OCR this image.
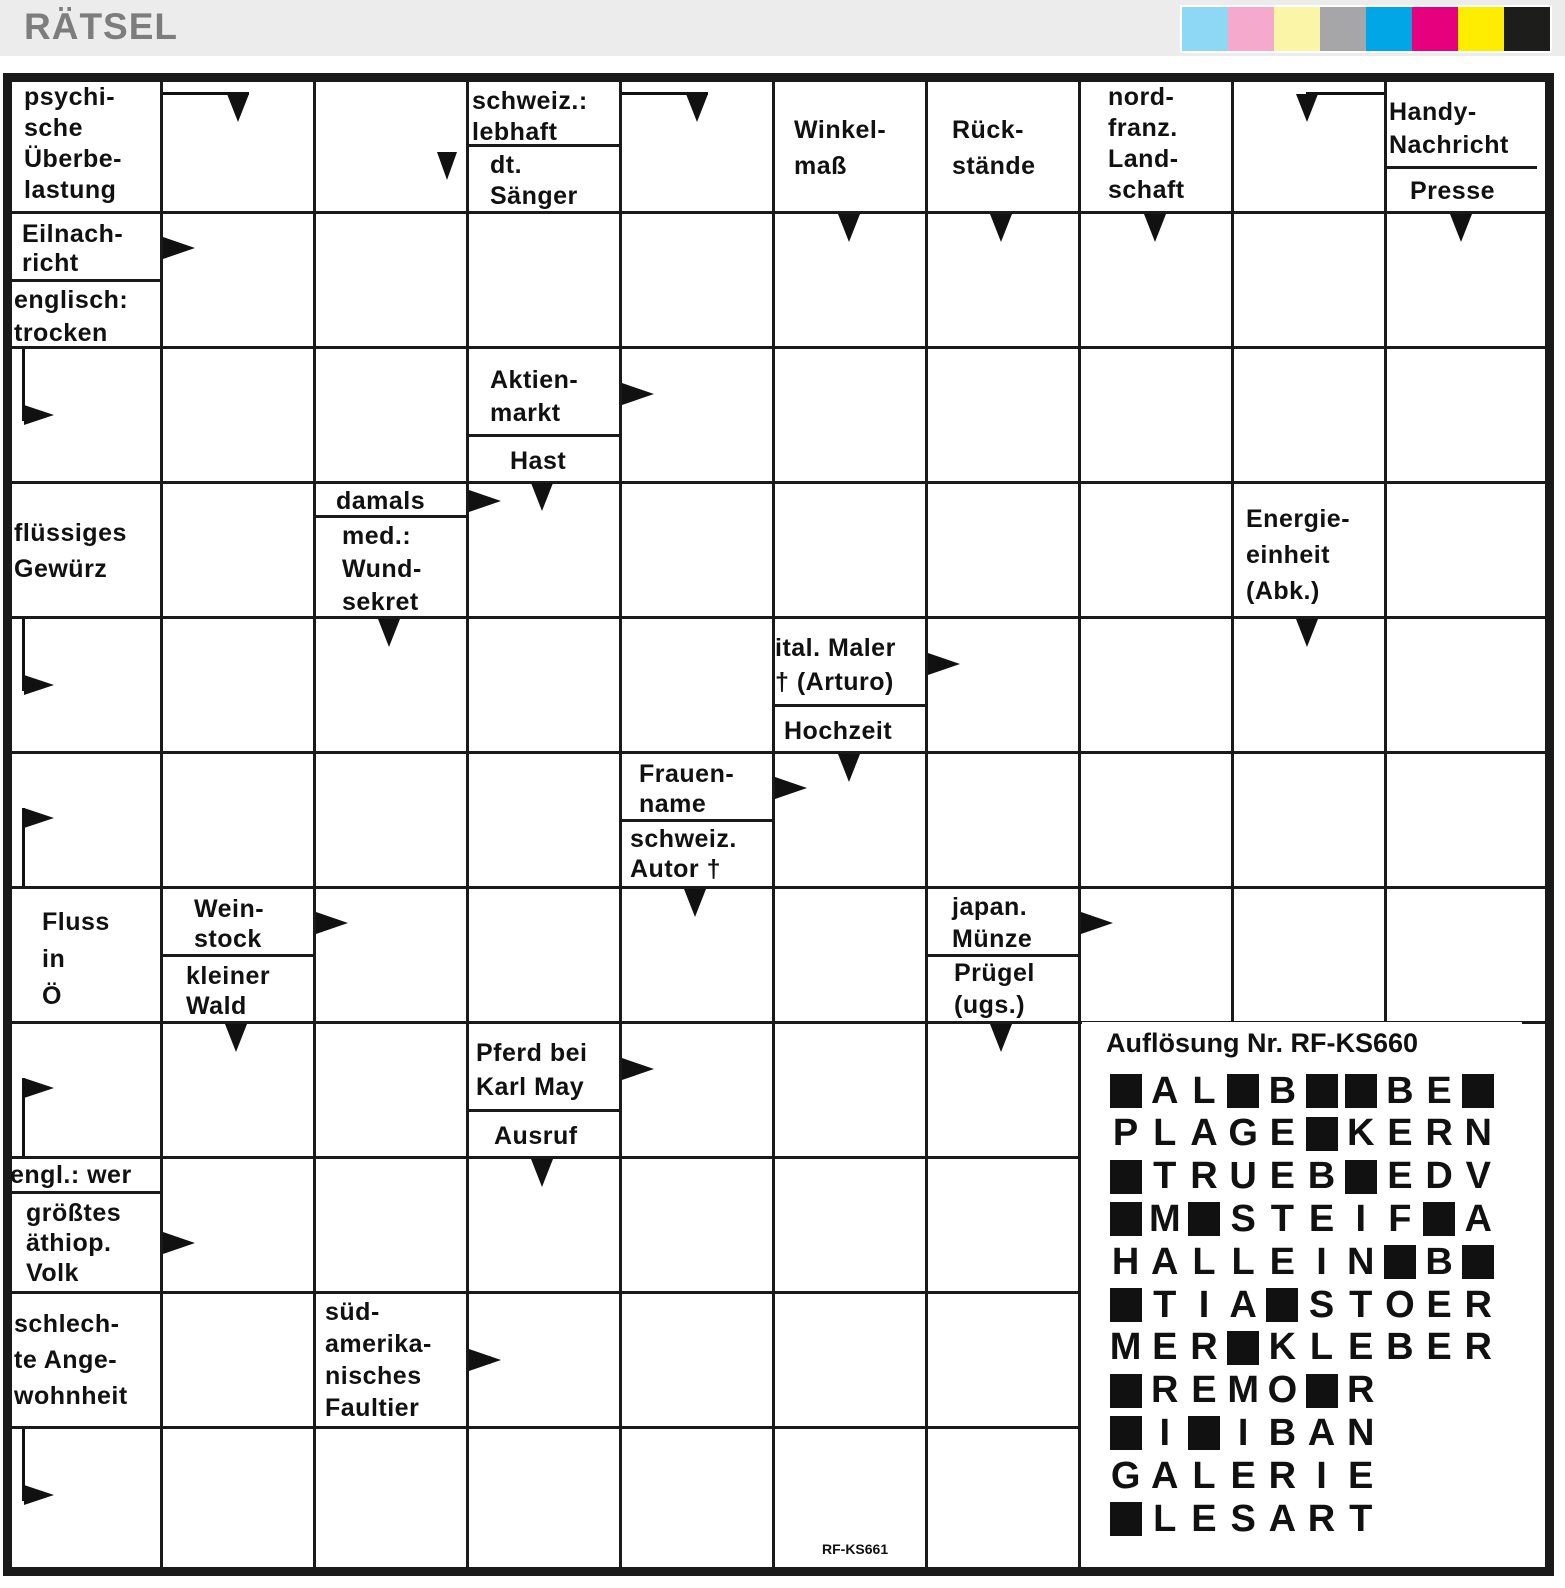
RÄTSEL
psychi-
sche
Überbe-
lastung
schweiz.:
lebhaft
dt.
Sänger
Winkel-
maß
Rück-
stände
nord-
franz.
Land-
schaft
Handy-
Nachricht
Presse
Eilnach-
richt
englisch:
trocken
Aktien-
markt
Hast
damals
med.:
Wund-
sekret
flüssiges
Gewürz
Energie-
einheit
(Abk.)
ital. Maler
† (Arturo)
Hochzeit
Frauen-
name
schweiz.
Autor †
Fluss
in
Ö
Wein-
stock
kleiner
Wald
japan.
Münze
Prügel
(ugs.)
Pferd bei
Karl May
Ausruf
engl.: wer
größtes
äthiop.
Volk
schlech-
te Ange-
wohnheit
süd-
amerika-
nisches
Faultier
RF-KS661
Auflösung Nr. RF-KS660
A L B B E
P L A G E K E R N
T R U E B E D V
M S T E I F A
H A L L E I N B
T I A S T O E R
M E R K L E B E R
R E M O R
I	I B A N
G A L E R I E
L E S A R T
